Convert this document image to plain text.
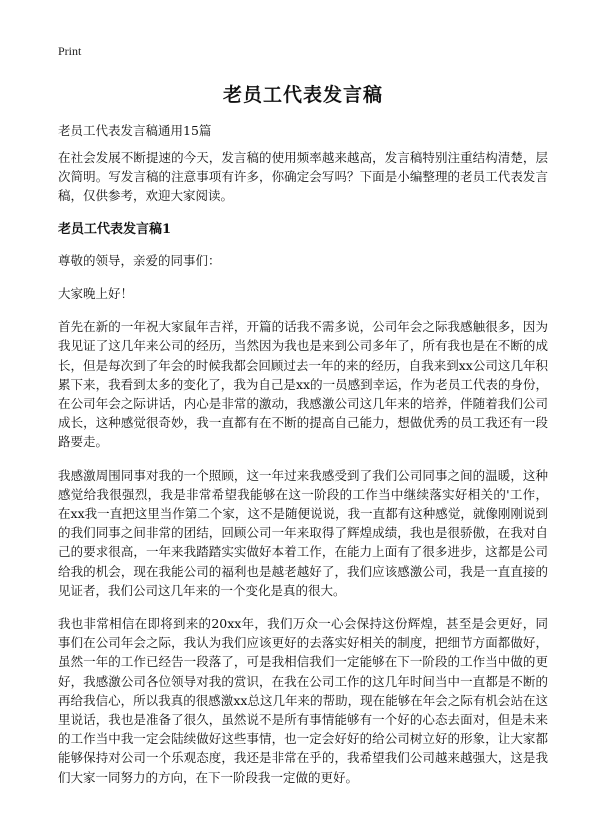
Print
老员工代表发言稿
老员工代表发言稿通用15篇

在社会发展不断提速的今天，发言稿的使用频率越来越高，发言稿特别注重结构清楚，层次简明。写发言稿的注意事项有许多，你确定会写吗？下面是小编整理的老员工代表发言稿，仅供参考，欢迎大家阅读。

老员工代表发言稿1

尊敬的领导，亲爱的同事们：

大家晚上好！

首先在新的一年祝大家鼠年吉祥，开篇的话我不需多说，公司年会之际我感触很多，因为我见证了这几年来公司的经历，当然因为我也是来到公司多年了，所有我也是在不断的成长，但是每次到了年会的时候我都会回顾过去一年的来的经历，自我来到xx公司这几年积累下来，我看到太多的变化了，我为自己是xx的一员感到幸运，作为老员工代表的身份，在公司年会之际讲话，内心是非常的激动，我感激公司这几年来的培养，伴随着我们公司成长，这种感觉很奇妙，我一直都有在不断的提高自己能力，想做优秀的员工我还有一段路要走。

我感激周围同事对我的一个照顾，这一年过来我感受到了我们公司同事之间的温暖，这种感觉给我很强烈，我是非常希望我能够在这一阶段的工作当中继续落实好相关的'工作，在xx我一直把这里当作第二个家，这不是随便说说，我一直都有这种感觉，就像刚刚说到的我们同事之间非常的团结，回顾公司一年来取得了辉煌成绩，我也是很骄傲，在我对自己的要求很高，一年来我踏踏实实做好本着工作，在能力上面有了很多进步，这都是公司给我的机会，现在我能公司的福利也是越老越好了，我们应该感激公司，我是一直直接的见证者，我们公司这几年来的一个变化是真的很大。

我也非常相信在即将到来的20xx年，我们万众一心会保持这份辉煌，甚至是会更好，同事们在公司年会之际，我认为我们应该更好的去落实好相关的制度，把细节方面都做好，虽然一年的工作已经告一段落了，可是我相信我们一定能够在下一阶段的工作当中做的更好，我感激公司各位领导对我的赏识，在我在公司工作的这几年时间当中一直都是不断的再给我信心，所以我真的很感激xx总这几年来的帮助，现在能够在年会之际有机会站在这里说话，我也是准备了很久，虽然说不是所有事情能够有一个好的心态去面对，但是未来的工作当中我一定会陆续做好这些事情，也一定会好好的给公司树立好的形象，让大家都能够保持对公司一个乐观态度，我还是非常在乎的，我希望我们公司越来越强大，这是我们大家一同努力的方向，在下一阶段我一定做的更好。
